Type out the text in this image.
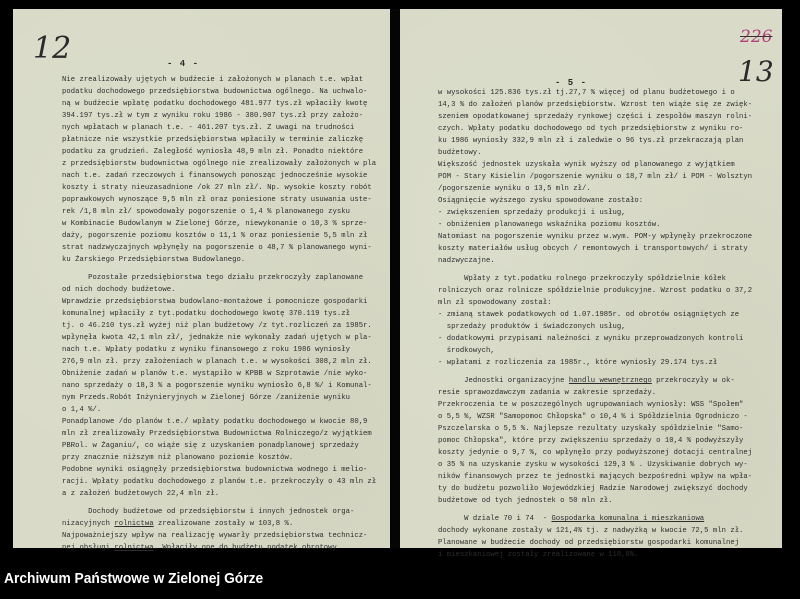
12	- 4 -
Nie zrealizowały ujętych w budżecie i założonych w planach t.e. wpłat
podatku dochodowego przedsiębiorstwa budownictwa ogólnego. Na uchwalo-
ną w budżecie wpłatę podatku dochodowego 481.977 tys.zł wpłaciły kwotę
394.197 tys.zł w tym z wyniku roku 1986 - 380.907 tys.zł przy założo-
nych wpłatach w planach t.e. - 461.207 tys.zł. Z uwagi na trudności
płatnicze nie wszystkie przedsiębiorstwa wpłaciły w terminie zaliczkę
podatku za grudzień. Zaległość wyniosła 48,9 mln zł. Ponadto niektóre
z przedsiębiorstw budownictwa ogólnego nie zrealizowały założonych w pla
nach t.e. zadań rzeczowych i finansowych ponosząc jednocześnie wysokie
koszty i straty nieuzasadnione /ok 27 mln zł/. Np. wysokie koszty robót
poprawkowych wynoszące 9,5 mln zł oraz poniesione straty usuwania uste-
rek /1,8 mln zł/ spowodowały pogorszenie o 1,4 % planowanego zysku
w Kombinacie Budowlanym w Zielonej Górze, niewykonanie o 10,3 % sprze-
daży, pogorszenie poziomu kosztów o 11,1 % oraz poniesienie 5,5 mln zł
strat nadzwyczajnych wpłynęły na pogorszenie o 48,7 % planowanego wyni-
ku Żarskiego Przedsiębiorstwa Budowlanego.
Pozostałe przedsiębiorstwa tego działu przekroczyły zaplanowane
od nich dochody budżetowe.
Wprawdzie przedsiębiorstwa budowlano-montażowe i pomocnicze gospodarki
komunalnej wpłaciły z tyt.podatku dochodowego kwotę 370.119 tys.zł
tj. o 46.210 tys.zł wyżej niż plan budżetowy /z tyt.rozliczeń za 1985r.
wpłynęła kwota 42,1 mln zł/, jednakże nie wykonały zadań ujętych w pla-
nach t.e. Wpłaty podatku z wyniku finansowego z roku 1986 wyniosły
276,9 mln zł. przy założeniach w planach t.e. w wysokości 308,2 mln zł.
Obniżenie zadań w planów t.e. wystąpiło w KPBB w Szprotawie /nie wyko-
nano sprzedaży o 18,3 % a pogorszenie wyniku wyniosło 6,8 %/ i Komunal-
nym Przeds.Robót Inżynieryjnych w Zielonej Górze /zaniżenie wyniku
o 1,4 %/.
Ponadplanowe /do planów t.e./ wpłaty podatku dochodowego w kwocie 80,9
mln zł zrealizowały Przedsiębiorstwa Budownictwa Rolniczego/z wyjątkiem
PBRol. w Żaganiu/, co wiąże się z uzyskaniem ponadplanowej sprzedaży
przy znacznie niższym niż planowano poziomie kosztów.
Podobne wyniki osiągnęły przedsiębiorstwa budownictwa wodnego i melio-
racji. Wpłaty podatku dochodowego z planów t.e. przekroczyły o 43 mln zł
a z założeń budżetowych 22,4 mln zł.
Dochody budżetowe od przedsiębiorstw i innych jednostek orga-
nizacyjnych rolnictwa zrealizowane zostały w 103,8 %.
Najpoważniejszy wpływ na realizację wywarły przedsiębiorstwa technicz-
nej obsługi rolnictwa. Wpłaciły one do budżetu podatek obrotowy
226
13
- 5 -
w wysokości 125.836 tys.zł tj.27,7 % więcej od planu budżetowego i o
14,3 % do założeń planów przedsiębiorstw. Wzrost ten wiąże się ze zwięk-
szeniem opodatkowanej sprzedaży rynkowej części i zespołów maszyn rolni-
czych. Wpłaty podatku dochodowego od tych przedsiębiorstw z wyniku ro-
ku 1986 wyniosły 332,9 mln zł i zaledwie o 96 tys.zł przekraczają plan
budżetowy.
Większość jednostek uzyskała wynik wyższy od planowanego z wyjątkiem
POM - Stary Kisielin /pogorszenie wyniku o 18,7 mln zł/ i POM - Wolsztyn
/pogorszenie wyniku o 13,5 mln zł/.
Osiągnięcie wyższego zysku spowodowane zostało:
- zwiększeniem sprzedaży produkcji i usług,
- obniżeniem planowanego wskaźnika poziomu kosztów.
Natomiast na pogorszenie wyniku przez w.wym. POM-y wpłynęły przekroczone
koszty materiałów usług obcych / remontowych i transportowych/ i straty
nadzwyczajne.
Wpłaty z tyt.podatku rolnego przekroczyły spółdzielnie kółek
rolniczych oraz rolnicze spółdzielnie produkcyjne. Wzrost podatku o 37,2
mln zł spowodowany został:
- zmianą stawek podatkowych od 1.07.1985r. od obrotów osiągniętych ze
sprzedaży produktów i świadczonych usług,
- dodatkowymi przypisami należności z wyniku przeprowadzonych kontroli
środkowych,
- wpłatami z rozliczenia za 1985r., które wyniosły 29.174 tys.zł
Jednostki organizacyjne handlu wewnętrznego przekroczyły w ok-
resie sprawozdawczym zadania w zakresie sprzedaży.
Przekroczenia te w poszczególnych ugrupowaniach wyniosły: WSS "Społem"
o 5,5 %, WZSR "Samopomoc Chłopska" o 10,4 % i Spółdzielnia Ogrodniczo -
Pszczelarska o 5,5 %. Najlepsze rezultaty uzyskały spółdzielnie "Samo-
pomoc Chłopska", które przy zwiększeniu sprzedaży o 10,4 % podwyższyły
koszty jedynie o 9,7 %, co wpłynęło przy podwyższonej dotacji centralnej
o 35 % na uzyskanie zysku w wysokości 129,3 % . Uzyskiwanie dobrych wy-
ników finansowych przez te jednostki mających bezpośredni wpływ na wpła-
ty do budżetu pozwoliło Wojewódzkiej Radzie Narodowej zwiększyć dochody
budżetowe od tych jednostek o 50 mln zł.
W dziale 70 i 74  - Gospodarka komunalna i mieszkaniowa
dochody wykonane zostały w 121,4% tj. z nadwyżką w kwocie 72,5 mln zł.
Planowane w budżecie dochody od przedsiębiorstw gospodarki komunalnej
i mieszkaniowej zostały zrealizowane w 118,8%.
Archiwum Państwowe w Zielonej Górze
